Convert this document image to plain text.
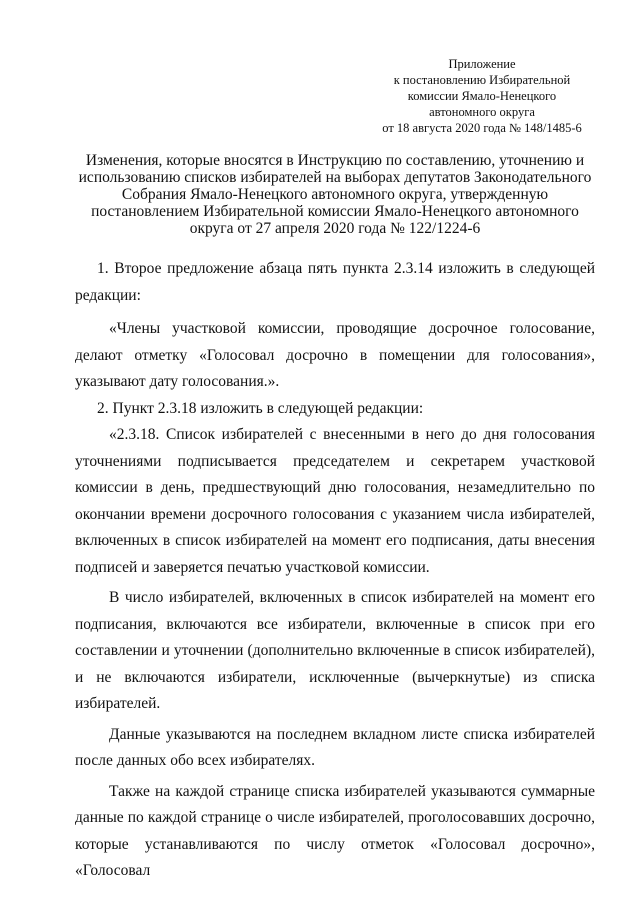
Приложение
к постановлению Избирательной
комиссии Ямало-Ненецкого
автономного округа
от 18 августа 2020 года № 148/1485-6
Изменения, которые вносятся в Инструкцию по составлению, уточнению и
использованию списков избирателей на выборах депутатов Законодательного
Собрания Ямало-Ненецкого автономного округа, утвержденную
постановлением Избирательной комиссии Ямало-Ненецкого автономного
округа от 27 апреля 2020 года № 122/1224-6

1. Второе предложение абзаца пять пункта 2.3.14 изложить в следующей редакции:

«Члены участковой комиссии, проводящие досрочное голосование, делают отметку «Голосовал досрочно в помещении для голосования», указывают дату голосования.».

2. Пункт 2.3.18 изложить в следующей редакции:

«2.3.18. Список избирателей с внесенными в него до дня голосования уточнениями подписывается председателем и секретарем участковой комиссии в день, предшествующий дню голосования, незамедлительно по окончании времени досрочного голосования с указанием числа избирателей, включенных в список избирателей на момент его подписания, даты внесения подписей и заверяется печатью участковой комиссии.

В число избирателей, включенных в список избирателей на момент его подписания, включаются все избиратели, включенные в список при его составлении и уточнении (дополнительно включенные в список избирателей), и не включаются избиратели, исключенные (вычеркнутые) из списка избирателей.

Данные указываются на последнем вкладном листе списка избирателей после данных обо всех избирателях.

Также на каждой странице списка избирателей указываются суммарные данные по каждой странице о числе избирателей, проголосовавших досрочно, которые устанавливаются по числу отметок «Голосовал досрочно», «Голосовал
